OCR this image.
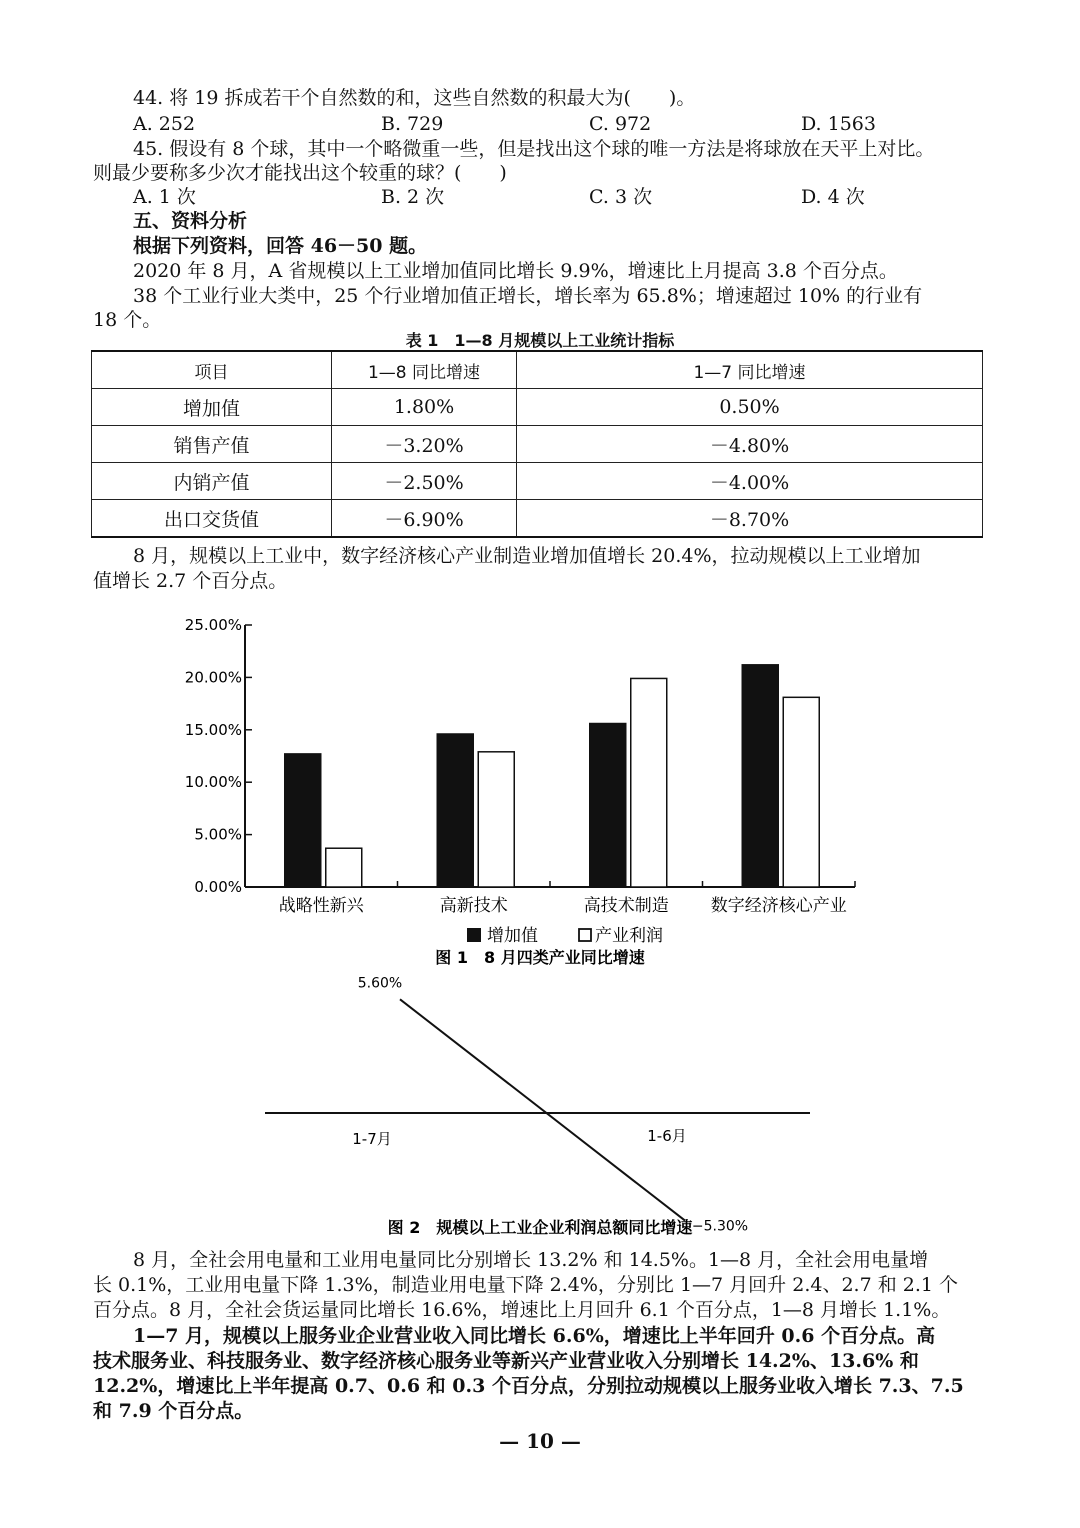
44. 将 19 拆成若干个自然数的和，这些自然数的积最大为(　　)。
A. 252	B. 729	C. 972	D. 1563
45. 假设有 8 个球，其中一个略微重一些，但是找出这个球的唯一方法是将球放在天平上对比。
则最少要称多少次才能找出这个较重的球？(　　)
A. 1 次	B. 2 次	C. 3 次	D. 4 次
五、资料分析
根据下列资料，回答 46－50 题。
2020 年 8 月，A 省规模以上工业增加值同比增长 9.9%，增速比上月提高 3.8 个百分点。
38 个工业行业大类中，25 个行业增加值正增长，增长率为 65.8%；增速超过 10% 的行业有
18 个。
表 1　1—8 月规模以上工业统计指标
项目	1—8 同比增速	1—7 同比增速
增加值	1.80%	0.50%
销售产值	－3.20%	－4.80%
内销产值	－2.50%	－4.00%
出口交货值	－6.90%	－8.70%
8 月，规模以上工业中，数字经济核心产业制造业增加值增长 20.4%，拉动规模以上工业增加
值增长 2.7 个百分点。
0.00%
5.00%
10.00%
15.00%
20.00%
25.00%
战略性新兴	高新技术	高技术制造 数字经济核心产业
增加值	产业利润
图 1　8 月四类产业同比增速
5.60%
−5.30%
1-7月	1-6月
图 2　规模以上工业企业利润总额同比增速
8 月，全社会用电量和工业用电量同比分别增长 13.2% 和 14.5%。1—8 月，全社会用电量增
长 0.1%，工业用电量下降 1.3%，制造业用电量下降 2.4%，分别比 1—7 月回升 2.4、2.7 和 2.1 个
百分点。8 月，全社会货运量同比增长 16.6%，增速比上月回升 6.1 个百分点，1—8 月增长 1.1%。
1—7 月，规模以上服务业企业营业收入同比增长 6.6%，增速比上半年回升 0.6 个百分点。高
技术服务业、科技服务业、数字经济核心服务业等新兴产业营业收入分别增长 14.2%、13.6% 和
12.2%，增速比上半年提高 0.7、0.6 和 0.3 个百分点，分别拉动规模以上服务业收入增长 7.3、7.5
和 7.9 个百分点。
— 10 —
